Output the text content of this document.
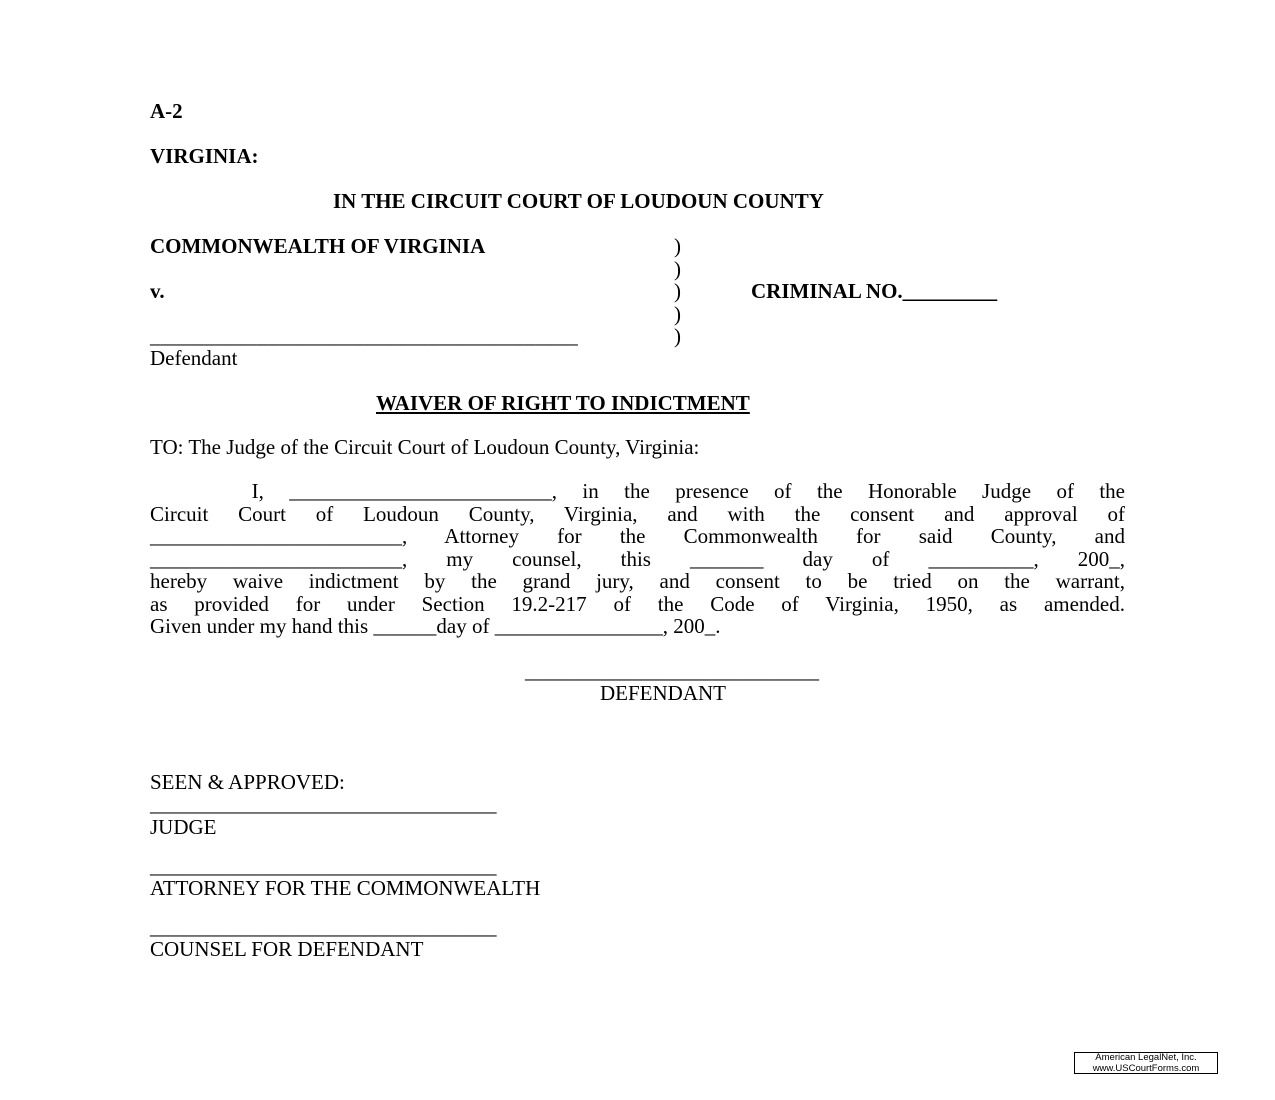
A-2
VIRGINIA:
IN THE CIRCUIT COURT OF LOUDOUN COUNTY
COMMONWEALTH OF VIRGINIA
v.
________________________________________
Defendant
)
)
)
)
)
CRIMINAL NO._________
WAIVER OF RIGHT TO INDICTMENT
TO: The Judge of the Circuit Court of Loudoun County, Virginia:
I, _________________________, in the presence of the Honorable Judge of the
Circuit Court of Loudoun County, Virginia, and with the consent and approval of
________________________, Attorney for the Commonwealth for said County, and
________________________, my counsel, this _______ day of __________, 200_,
hereby waive indictment by the grand jury, and consent to be tried on the warrant,
as provided for under Section 19.2-217 of the Code of Virginia, 1950, as amended.
Given under my hand this ______day of ________________, 200_.
____________________________
DEFENDANT
SEEN & APPROVED:
_________________________________
JUDGE
_________________________________
ATTORNEY FOR THE COMMONWEALTH
_________________________________
COUNSEL FOR DEFENDANT
American LegalNet, Inc.
www.USCourtForms.com
